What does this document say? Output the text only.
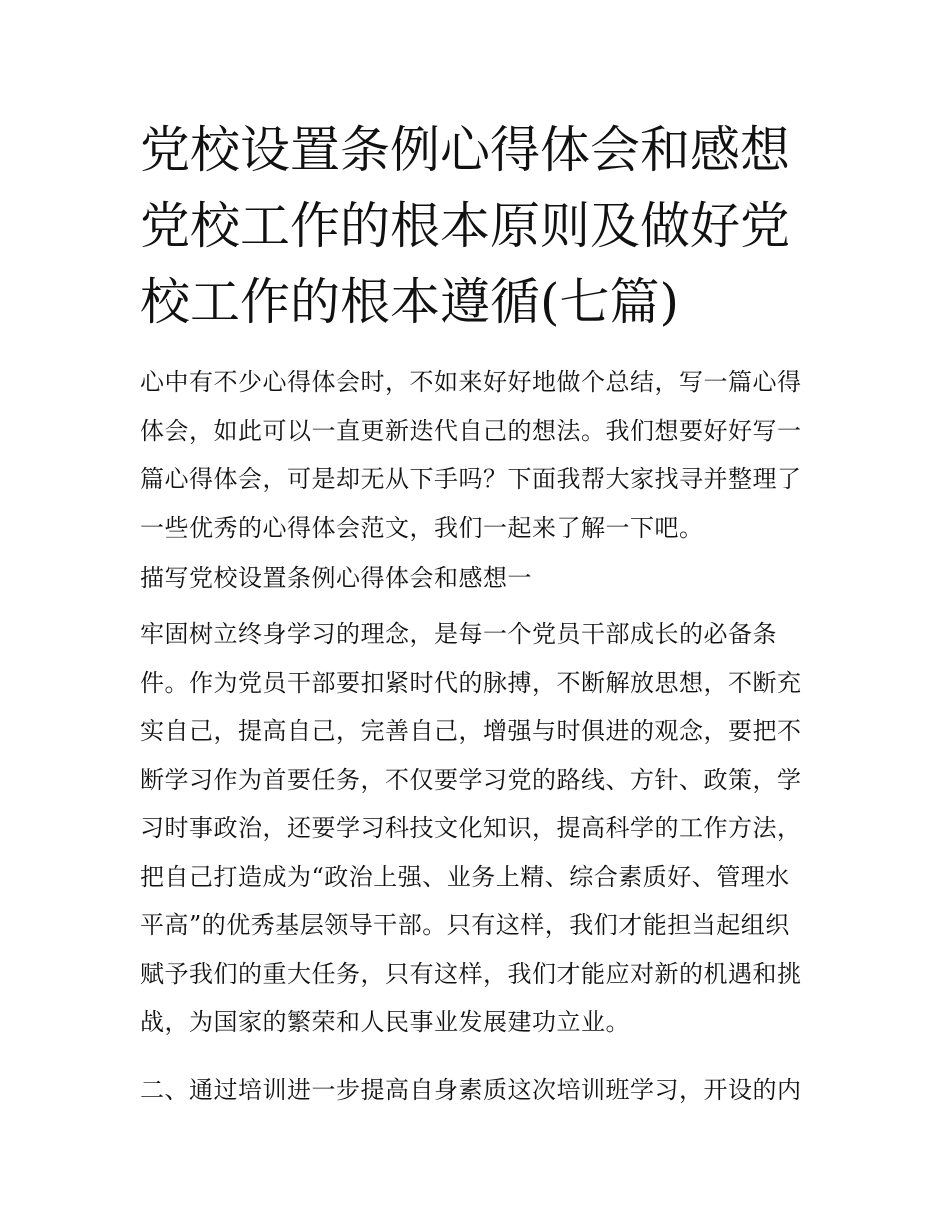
党校设置条例心得体会和感想
党校工作的根本原则及做好党
校工作的根本遵循(七篇)
心中有不少心得体会时，不如来好好地做个总结，写一篇心得
体会，如此可以一直更新迭代自己的想法。我们想要好好写一
篇心得体会，可是却无从下手吗？下面我帮大家找寻并整理了
一些优秀的心得体会范文，我们一起来了解一下吧。
描写党校设置条例心得体会和感想一
牢固树立终身学习的理念，是每一个党员干部成长的必备条
件。作为党员干部要扣紧时代的脉搏，不断解放思想，不断充
实自己，提高自己，完善自己，增强与时俱进的观念，要把不
断学习作为首要任务，不仅要学习党的路线、方针、政策，学
习时事政治，还要学习科技文化知识，提高科学的工作方法，
把自己打造成为“政治上强、业务上精、综合素质好、管理水
平高”的优秀基层领导干部。只有这样，我们才能担当起组织
赋予我们的重大任务，只有这样，我们才能应对新的机遇和挑
战，为国家的繁荣和人民事业发展建功立业。
二、通过培训进一步提高自身素质这次培训班学习，开设的内
